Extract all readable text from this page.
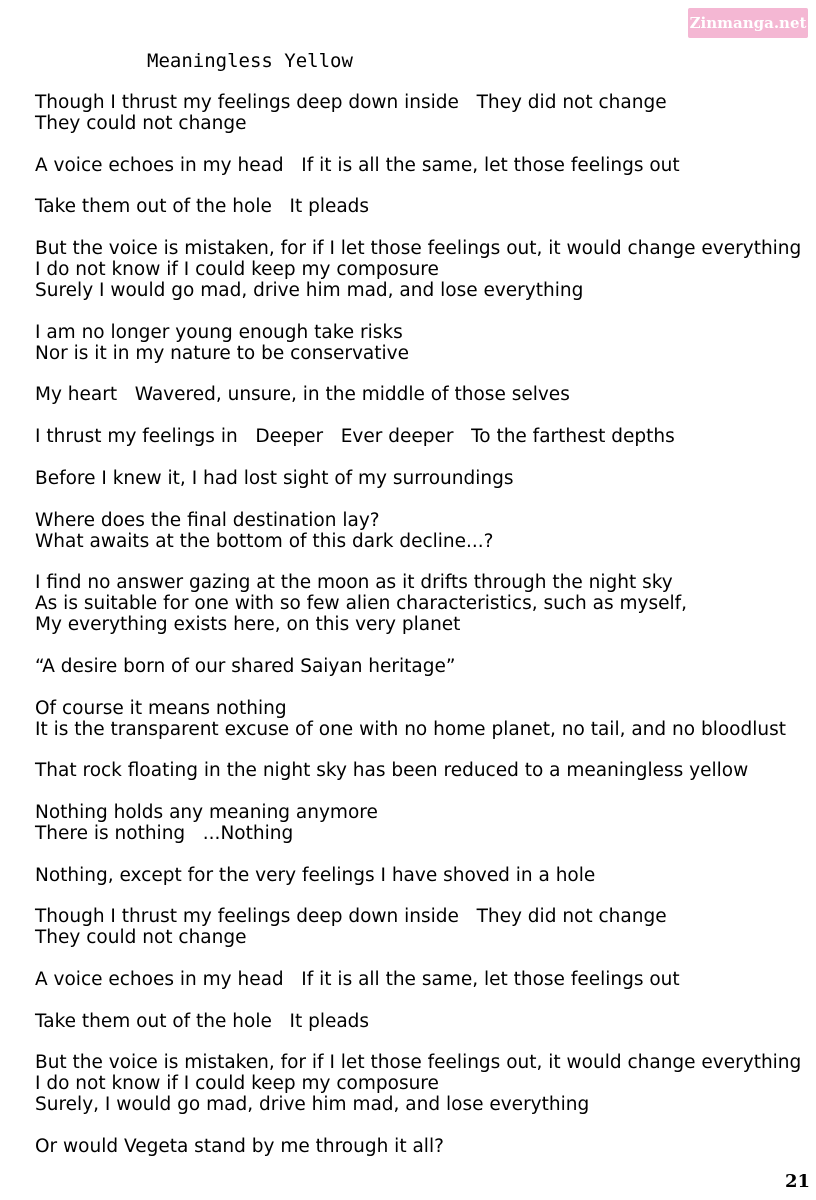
Zinmanga.net
Meaningless Yellow
Though I thrust my feelings deep down inside   They did not change
They could not change
A voice echoes in my head   If it is all the same, let those feelings out
Take them out of the hole   It pleads
But the voice is mistaken, for if I let those feelings out, it would change everything
I do not know if I could keep my composure
Surely I would go mad, drive him mad, and lose everything
I am no longer young enough take risks
Nor is it in my nature to be conservative
My heart   Wavered, unsure, in the middle of those selves
I thrust my feelings in   Deeper   Ever deeper   To the farthest depths
Before I knew it, I had lost sight of my surroundings
Where does the final destination lay?
What awaits at the bottom of this dark decline...?
I find no answer gazing at the moon as it drifts through the night sky
As is suitable for one with so few alien characteristics, such as myself,
My everything exists here, on this very planet
“A desire born of our shared Saiyan heritage”
Of course it means nothing
It is the transparent excuse of one with no home planet, no tail, and no bloodlust
That rock floating in the night sky has been reduced to a meaningless yellow
Nothing holds any meaning anymore
There is nothing   ...Nothing
Nothing, except for the very feelings I have shoved in a hole
Though I thrust my feelings deep down inside   They did not change
They could not change
A voice echoes in my head   If it is all the same, let those feelings out
Take them out of the hole   It pleads
But the voice is mistaken, for if I let those feelings out, it would change everything
I do not know if I could keep my composure
Surely, I would go mad, drive him mad, and lose everything
Or would Vegeta stand by me through it all?
21
